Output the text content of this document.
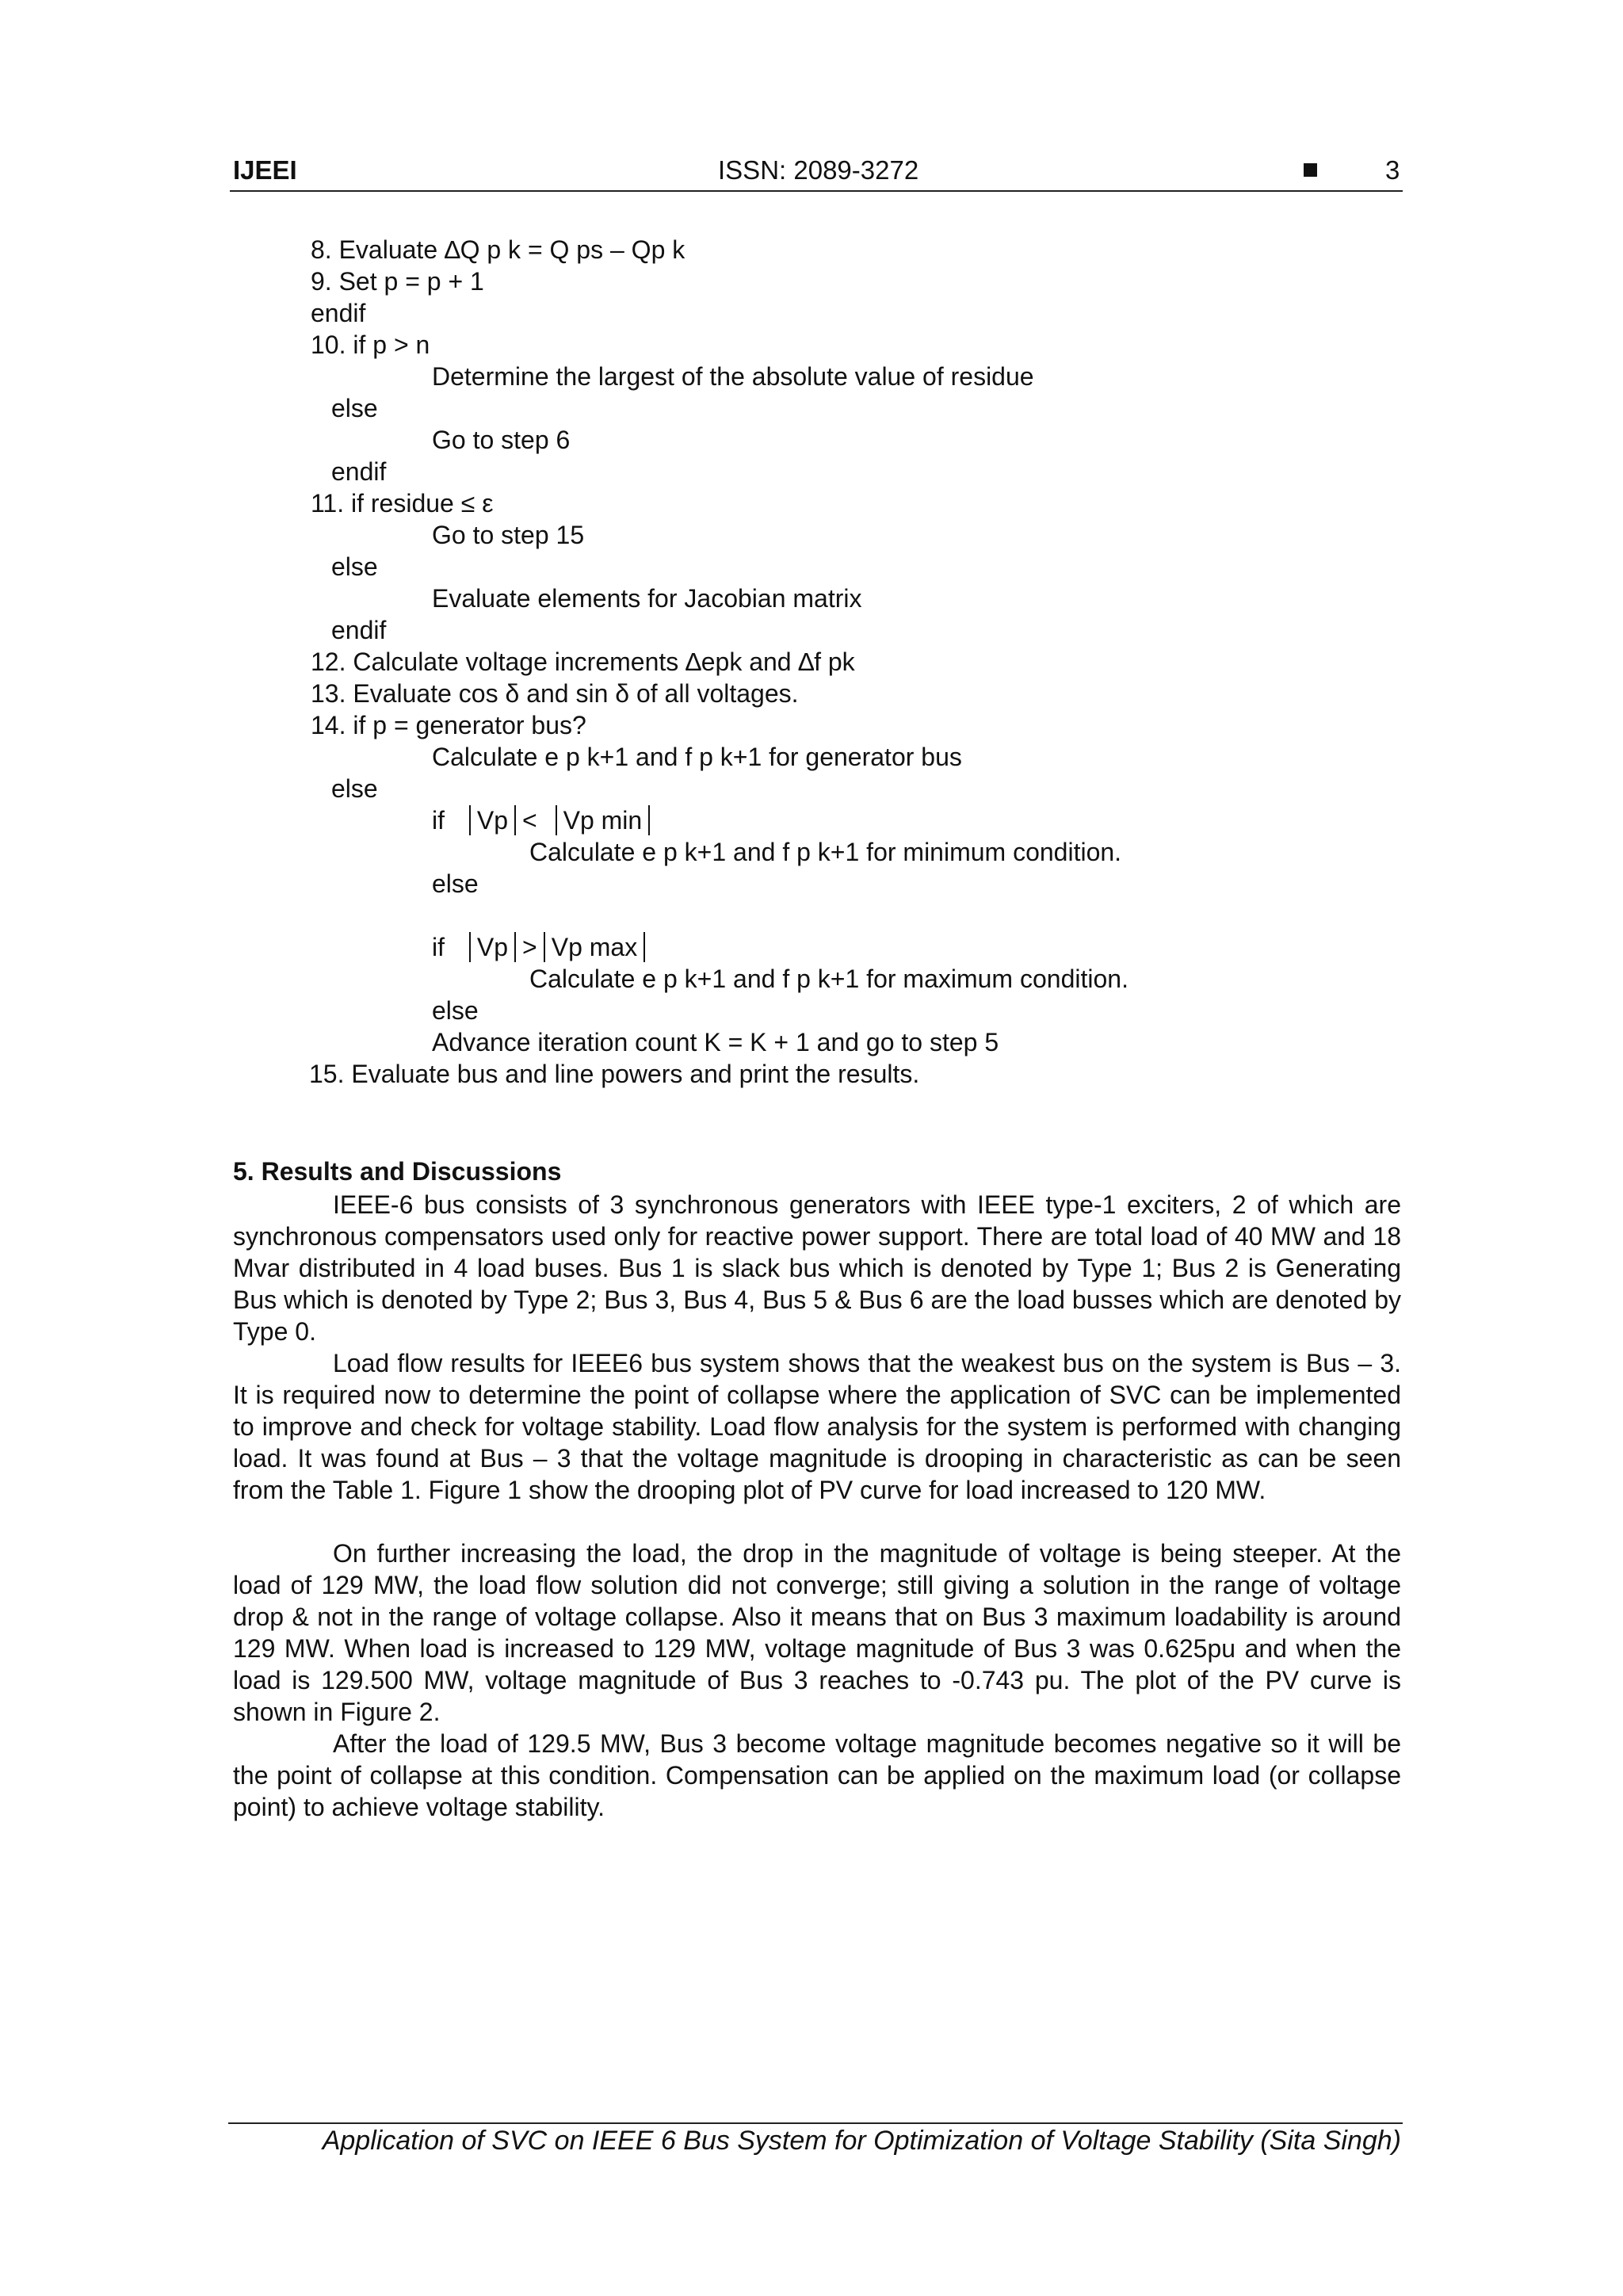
IJEEI	ISSN: 2089-3272	3
8. Evaluate ∆Q p k = Q ps – Qp k
9. Set p = p + 1
endif
10. if p > n
Determine the largest of the absolute value of residue
else
Go to step 6
endif
11. if residue ≤ ε
Go to step 15
else
Evaluate elements for Jacobian matrix
endif
12. Calculate voltage increments ∆epk and ∆f pk
13. Evaluate cos δ and sin δ of all voltages.
14. if p = generator bus?
Calculate e p k+1 and f p k+1 for generator bus
else
if Vp < Vp min
Calculate e p k+1 and f p k+1 for minimum condition.
else
if Vp > Vp max
Calculate e p k+1 and f p k+1 for maximum condition.
else
Advance iteration count K = K + 1 and go to step 5
15. Evaluate bus and line powers and print the results.
5. Results and Discussions

IEEE-6 bus consists of 3 synchronous generators with IEEE type-1 exciters, 2 of which are synchronous compensators used only for reactive power support. There are total load of 40 MW and 18 Mvar distributed in 4 load buses. Bus 1 is slack bus which is denoted by Type 1; Bus 2 is Generating Bus which is denoted by Type 2; Bus 3, Bus 4, Bus 5 & Bus 6 are the load busses which are denoted by Type 0.

Load flow results for IEEE6 bus system shows that the weakest bus on the system is Bus – 3. It is required now to determine the point of collapse where the application of SVC can be implemented to improve and check for voltage stability. Load flow analysis for the system is performed with changing load. It was found at Bus – 3 that the voltage magnitude is drooping in characteristic as can be seen from the Table 1. Figure 1 show the drooping plot of PV curve for load increased to 120 MW.

On further increasing the load, the drop in the magnitude of voltage is being steeper. At the load of 129 MW, the load flow solution did not converge; still giving a solution in the range of voltage drop & not in the range of voltage collapse. Also it means that on Bus 3 maximum loadability is around 129 MW. When load is increased to 129 MW, voltage magnitude of Bus 3 was 0.625pu and when the load is 129.500 MW, voltage magnitude of Bus 3 reaches to -0.743 pu. The plot of the PV curve is shown in Figure 2.

After the load of 129.5 MW, Bus 3 become voltage magnitude becomes negative so it will be the point of collapse at this condition. Compensation can be applied on the maximum load (or collapse point) to achieve voltage stability.

Application of SVC on IEEE 6 Bus System for Optimization of Voltage Stability (Sita Singh)
